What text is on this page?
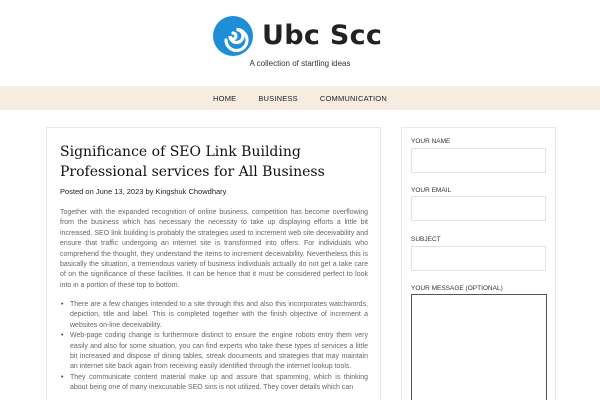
Ubc Scc
A collection of startling ideas
HOME	BUSINESS	COMMUNICATION
Significance of SEO Link Building Professional services for All Business
Posted on June 13, 2023 by Kingshuk Chowdhary

Together with the expanded recognition of online business, competition has become overflowing from the business which has necessary the necessity to take up displaying efforts a little bit increased. SEO link building is probably the strategies used to increment web site deceivability and ensure that traffic undergoing an internet site is transformed into offers. For individuals who comprehend the thought, they understand the items to increment deceivability. Nevertheless this is basically the situation, a tremendous variety of business individuals actually do not get a take care of on the significance of these facilities. It can be hence that it must be considered perfect to look into in a portion of these top to bottom.

• There are a few changes intended to a site through this and also this incorporates watchwords, depiction, title and label. This is completed together with the finish objective of increment a websites on-line deceivability.
• Web-page coding change is furthermore distinct to ensure the engine robots entry them very easily and also for some situation, you can find experts who take these types of services a little bit increased and dispose of dining tables, streak documents and strategies that may maintain an internet site back again from receiving easily identified through the internet lookup tools.
• They communicate content material make up and assure that spamming, which is thinking about being one of many inexcusable SEO sins is not utilized. They cover details which can
YOUR NAME
YOUR EMAIL
SUBJECT
YOUR MESSAGE (OPTIONAL)
